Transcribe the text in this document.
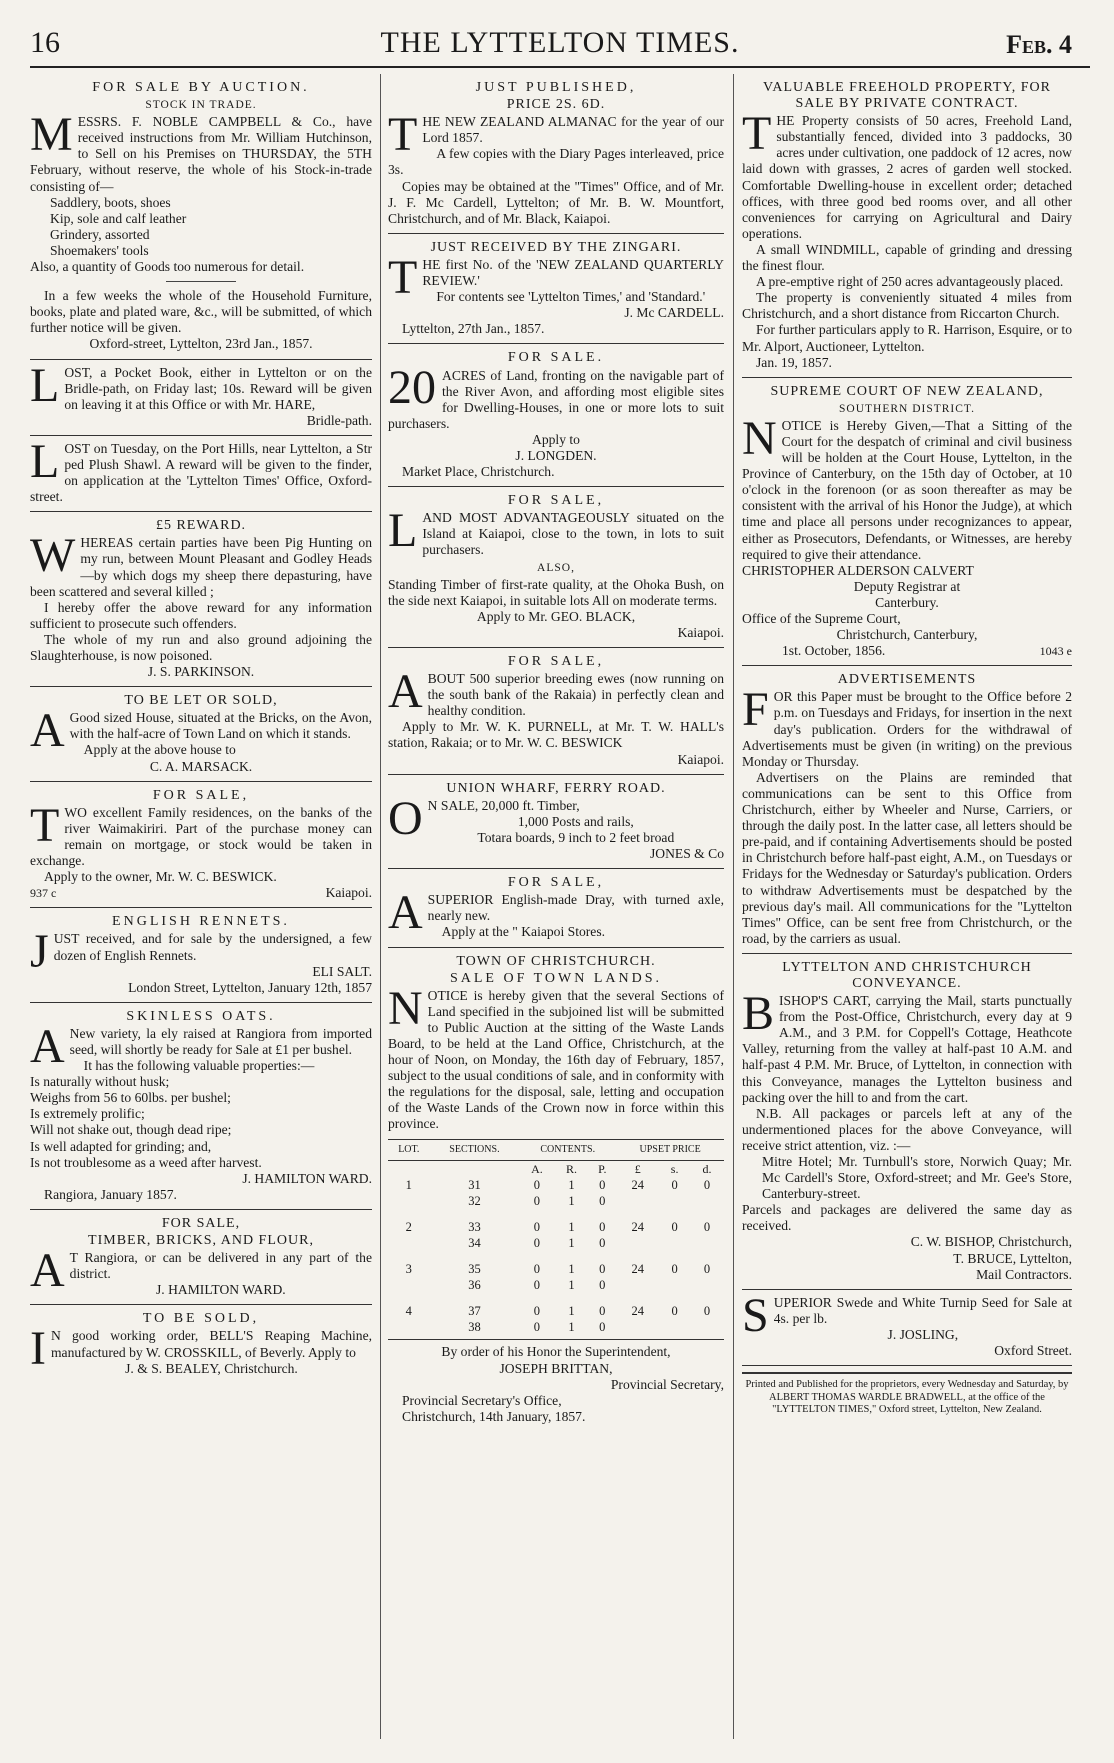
16	THE LYTTELTON TIMES.	Feb. 4
FOR SALE BY AUCTION.
STOCK IN TRADE.

MESSRS. F. NOBLE CAMPBELL & Co., have received instructions from Mr. William Hutchinson, to Sell on his Premises on THURSDAY, the 5TH February, without reserve, the whole of his Stock-in-trade consisting of—

Saddlery, boots, shoes
Kip, sole and calf leather
Grindery, assorted
Shoemakers' tools

Also, a quantity of Goods too numerous for detail.

In a few weeks the whole of the Household Furniture, books, plate and plated ware, &c., will be submitted, of which further notice will be given.

Oxford-street, Lyttelton, 23rd Jan., 1857.

LOST, a Pocket Book, either in Lyttelton or on the Bridle-path, on Friday last; 10s. Reward will be given on leaving it at this Office or with Mr. HARE,

Bridle-path.

LOST on Tuesday, on the Port Hills, near Lyttelton, a Str ped Plush Shawl. A reward will be given to the finder, on application at the 'Lyttelton Times' Office, Oxford-street.

£5 REWARD.

WHEREAS certain parties have been Pig Hunting on my run, between Mount Pleasant and Godley Heads—by which dogs my sheep there depasturing, have been scattered and several killed ;

I hereby offer the above reward for any information sufficient to prosecute such offenders.

The whole of my run and also ground adjoining the Slaughterhouse, is now poisoned.

J. S. PARKINSON.

TO BE LET OR SOLD,

AGood sized House, situated at the Bricks, on the Avon, with the half-acre of Town Land on which it stands.

Apply at the above house to

C. A. MARSACK.

FOR SALE,

TWO excellent Family residences, on the banks of the river Waimakiriri. Part of the purchase money can remain on mortgage, or stock would be taken in exchange.

Apply to the owner, Mr. W. C. BESWICK.

937 c	Kaiapoi.

ENGLISH RENNETS.

JUST received, and for sale by the undersigned, a few dozen of English Rennets.

ELI SALT.

London Street, Lyttelton, January 12th, 1857

SKINLESS OATS.

ANew variety, la ely raised at Rangiora from imported seed, will shortly be ready for Sale at £1 per bushel.

It has the following valuable properties:—

Is naturally without husk;

Weighs from 56 to 60lbs. per bushel;

Is extremely prolific;

Will not shake out, though dead ripe;

Is well adapted for grinding; and,

Is not troublesome as a weed after harvest.

J. HAMILTON WARD.

Rangiora, January 1857.

FOR SALE,
TIMBER, BRICKS, AND FLOUR,

AT Rangiora, or can be delivered in any part of the district.

J. HAMILTON WARD.

TO BE SOLD,

IN good working order, BELL'S Reaping Machine, manufactured by W. CROSSKILL, of Beverly. Apply to

J. & S. BEALEY, Christchurch.

JUST PUBLISHED,
PRICE 2S. 6D.

THE NEW ZEALAND ALMANAC for the year of our Lord 1857.

A few copies with the Diary Pages interleaved, price 3s.

Copies may be obtained at the "Times" Office, and of Mr. J. F. Mc Cardell, Lyttelton; of Mr. B. W. Mountfort, Christchurch, and of Mr. Black, Kaiapoi.

JUST RECEIVED BY THE ZINGARI.

THE first No. of the 'NEW ZEALAND QUARTERLY REVIEW.'

For contents see 'Lyttelton Times,' and 'Standard.'

J. Mc CARDELL.

Lyttelton, 27th Jan., 1857.

FOR SALE.

20 ACRES of Land, fronting on the navigable part of the River Avon, and affording most eligible sites for Dwelling-Houses, in one or more lots to suit purchasers.

Apply to

J. LONGDEN.

Market Place, Christchurch.

FOR SALE,

LAND MOST ADVANTAGEOUSLY situated on the Island at Kaiapoi, close to the town, in lots to suit purchasers.

ALSO,

Standing Timber of first-rate quality, at the Ohoka Bush, on the side next Kaiapoi, in suitable lots All on moderate terms.

Apply to Mr. GEO. BLACK,

Kaiapoi.

FOR SALE,

ABOUT 500 superior breeding ewes (now running on the south bank of the Rakaia) in perfectly clean and healthy condition.

Apply to Mr. W. K. PURNELL, at Mr. T. W. HALL's station, Rakaia; or to Mr. W. C. BESWICK

Kaiapoi.

UNION WHARF, FERRY ROAD.

ON SALE, 20,000 ft. Timber,

1,000 Posts and rails,

Totara boards, 9 inch to 2 feet broad

JONES & Co

FOR SALE,

ASUPERIOR English-made Dray, with turned axle, nearly new.

Apply at the " Kaiapoi Stores.

TOWN OF CHRISTCHURCH.
SALE OF TOWN LANDS.

NOTICE is hereby given that the several Sections of Land specified in the subjoined list will be submitted to Public Auction at the sitting of the Waste Lands Board, to be held at the Land Office, Christchurch, at the hour of Noon, on Monday, the 16th day of February, 1857, subject to the usual conditions of sale, and in conformity with the regulations for the disposal, sale, letting and occupation of the Waste Lands of the Crown now in force within this province.

LOT.	SECTIONS.	CONTENTS.			UPSET PRICE		
		A.	R.	P.	£	s.	d.
1	31	0	1	0	24	0	0
	32	0	1	0			

2	33	0	1	0	24	0	0
	34	0	1	0			

3	35	0	1	0	24	0	0
	36	0	1	0			

4	37	0	1	0	24	0	0
	38	0	1	0			

By order of his Honor the Superintendent,

JOSEPH BRITTAN,

Provincial Secretary,

Provincial Secretary's Office,

Christchurch, 14th January, 1857.

VALUABLE FREEHOLD PROPERTY, FOR SALE BY PRIVATE CONTRACT.

THE Property consists of 50 acres, Freehold Land, substantially fenced, divided into 3 paddocks, 30 acres under cultivation, one paddock of 12 acres, now laid down with grasses, 2 acres of garden well stocked. Comfortable Dwelling-house in excellent order; detached offices, with three good bed rooms over, and all other conveniences for carrying on Agricultural and Dairy operations.

A small WINDMILL, capable of grinding and dressing the finest flour.

A pre-emptive right of 250 acres advantageously placed.

The property is conveniently situated 4 miles from Christchurch, and a short distance from Riccarton Church.

For further particulars apply to R. Harrison, Esquire, or to Mr. Alport, Auctioneer, Lyttelton.

Jan. 19, 1857.

SUPREME COURT OF NEW ZEALAND,
SOUTHERN DISTRICT.

NOTICE is Hereby Given,—That a Sitting of the Court for the despatch of criminal and civil business will be holden at the Court House, Lyttelton, in the Province of Canterbury, on the 15th day of October, at 10 o'clock in the forenoon (or as soon thereafter as may be consistent with the arrival of his Honor the Judge), at which time and place all persons under recognizances to appear, either as Prosecutors, Defendants, or Witnesses, are hereby required to give their attendance.

CHRISTOPHER ALDERSON CALVERT

Deputy Registrar at

Canterbury.

Office of the Supreme Court,

Christchurch, Canterbury,

1st. October, 1856.	1043 e

ADVERTISEMENTS

FOR this Paper must be brought to the Office before 2 p.m. on Tuesdays and Fridays, for insertion in the next day's publication. Orders for the withdrawal of Advertisements must be given (in writing) on the previous Monday or Thursday.

Advertisers on the Plains are reminded that communications can be sent to this Office from Christchurch, either by Wheeler and Nurse, Carriers, or through the daily post. In the latter case, all letters should be pre-paid, and if containing Advertisements should be posted in Christchurch before half-past eight, A.M., on Tuesdays or Fridays for the Wednesday or Saturday's publication. Orders to withdraw Advertisements must be despatched by the previous day's mail. All communications for the "Lyttelton Times" Office, can be sent free from Christchurch, or the road, by the carriers as usual.

LYTTELTON AND CHRISTCHURCH CONVEYANCE.

BISHOP'S CART, carrying the Mail, starts punctually from the Post-Office, Christchurch, every day at 9 A.M., and 3 P.M. for Coppell's Cottage, Heathcote Valley, returning from the valley at half-past 10 A.M. and half-past 4 P.M. Mr. Bruce, of Lyttelton, in connection with this Conveyance, manages the Lyttelton business and packing over the hill to and from the cart.

N.B. All packages or parcels left at any of the undermentioned places for the above Conveyance, will receive strict attention, viz. :—

Mitre Hotel; Mr. Turnbull's store, Norwich Quay; Mr. Mc Cardell's Store, Oxford-street; and Mr. Gee's Store, Canterbury-street.

Parcels and packages are delivered the same day as received.

C. W. BISHOP, Christchurch,

T. BRUCE, Lyttelton,

Mail Contractors.

SUPERIOR Swede and White Turnip Seed for Sale at 4s. per lb.

J. JOSLING,

Oxford Street.

Printed and Published for the proprietors, every Wednesday and Saturday, by ALBERT THOMAS WARDLE BRADWELL, at the office of the "LYTTELTON TIMES," Oxford street, Lyttelton, New Zealand.
